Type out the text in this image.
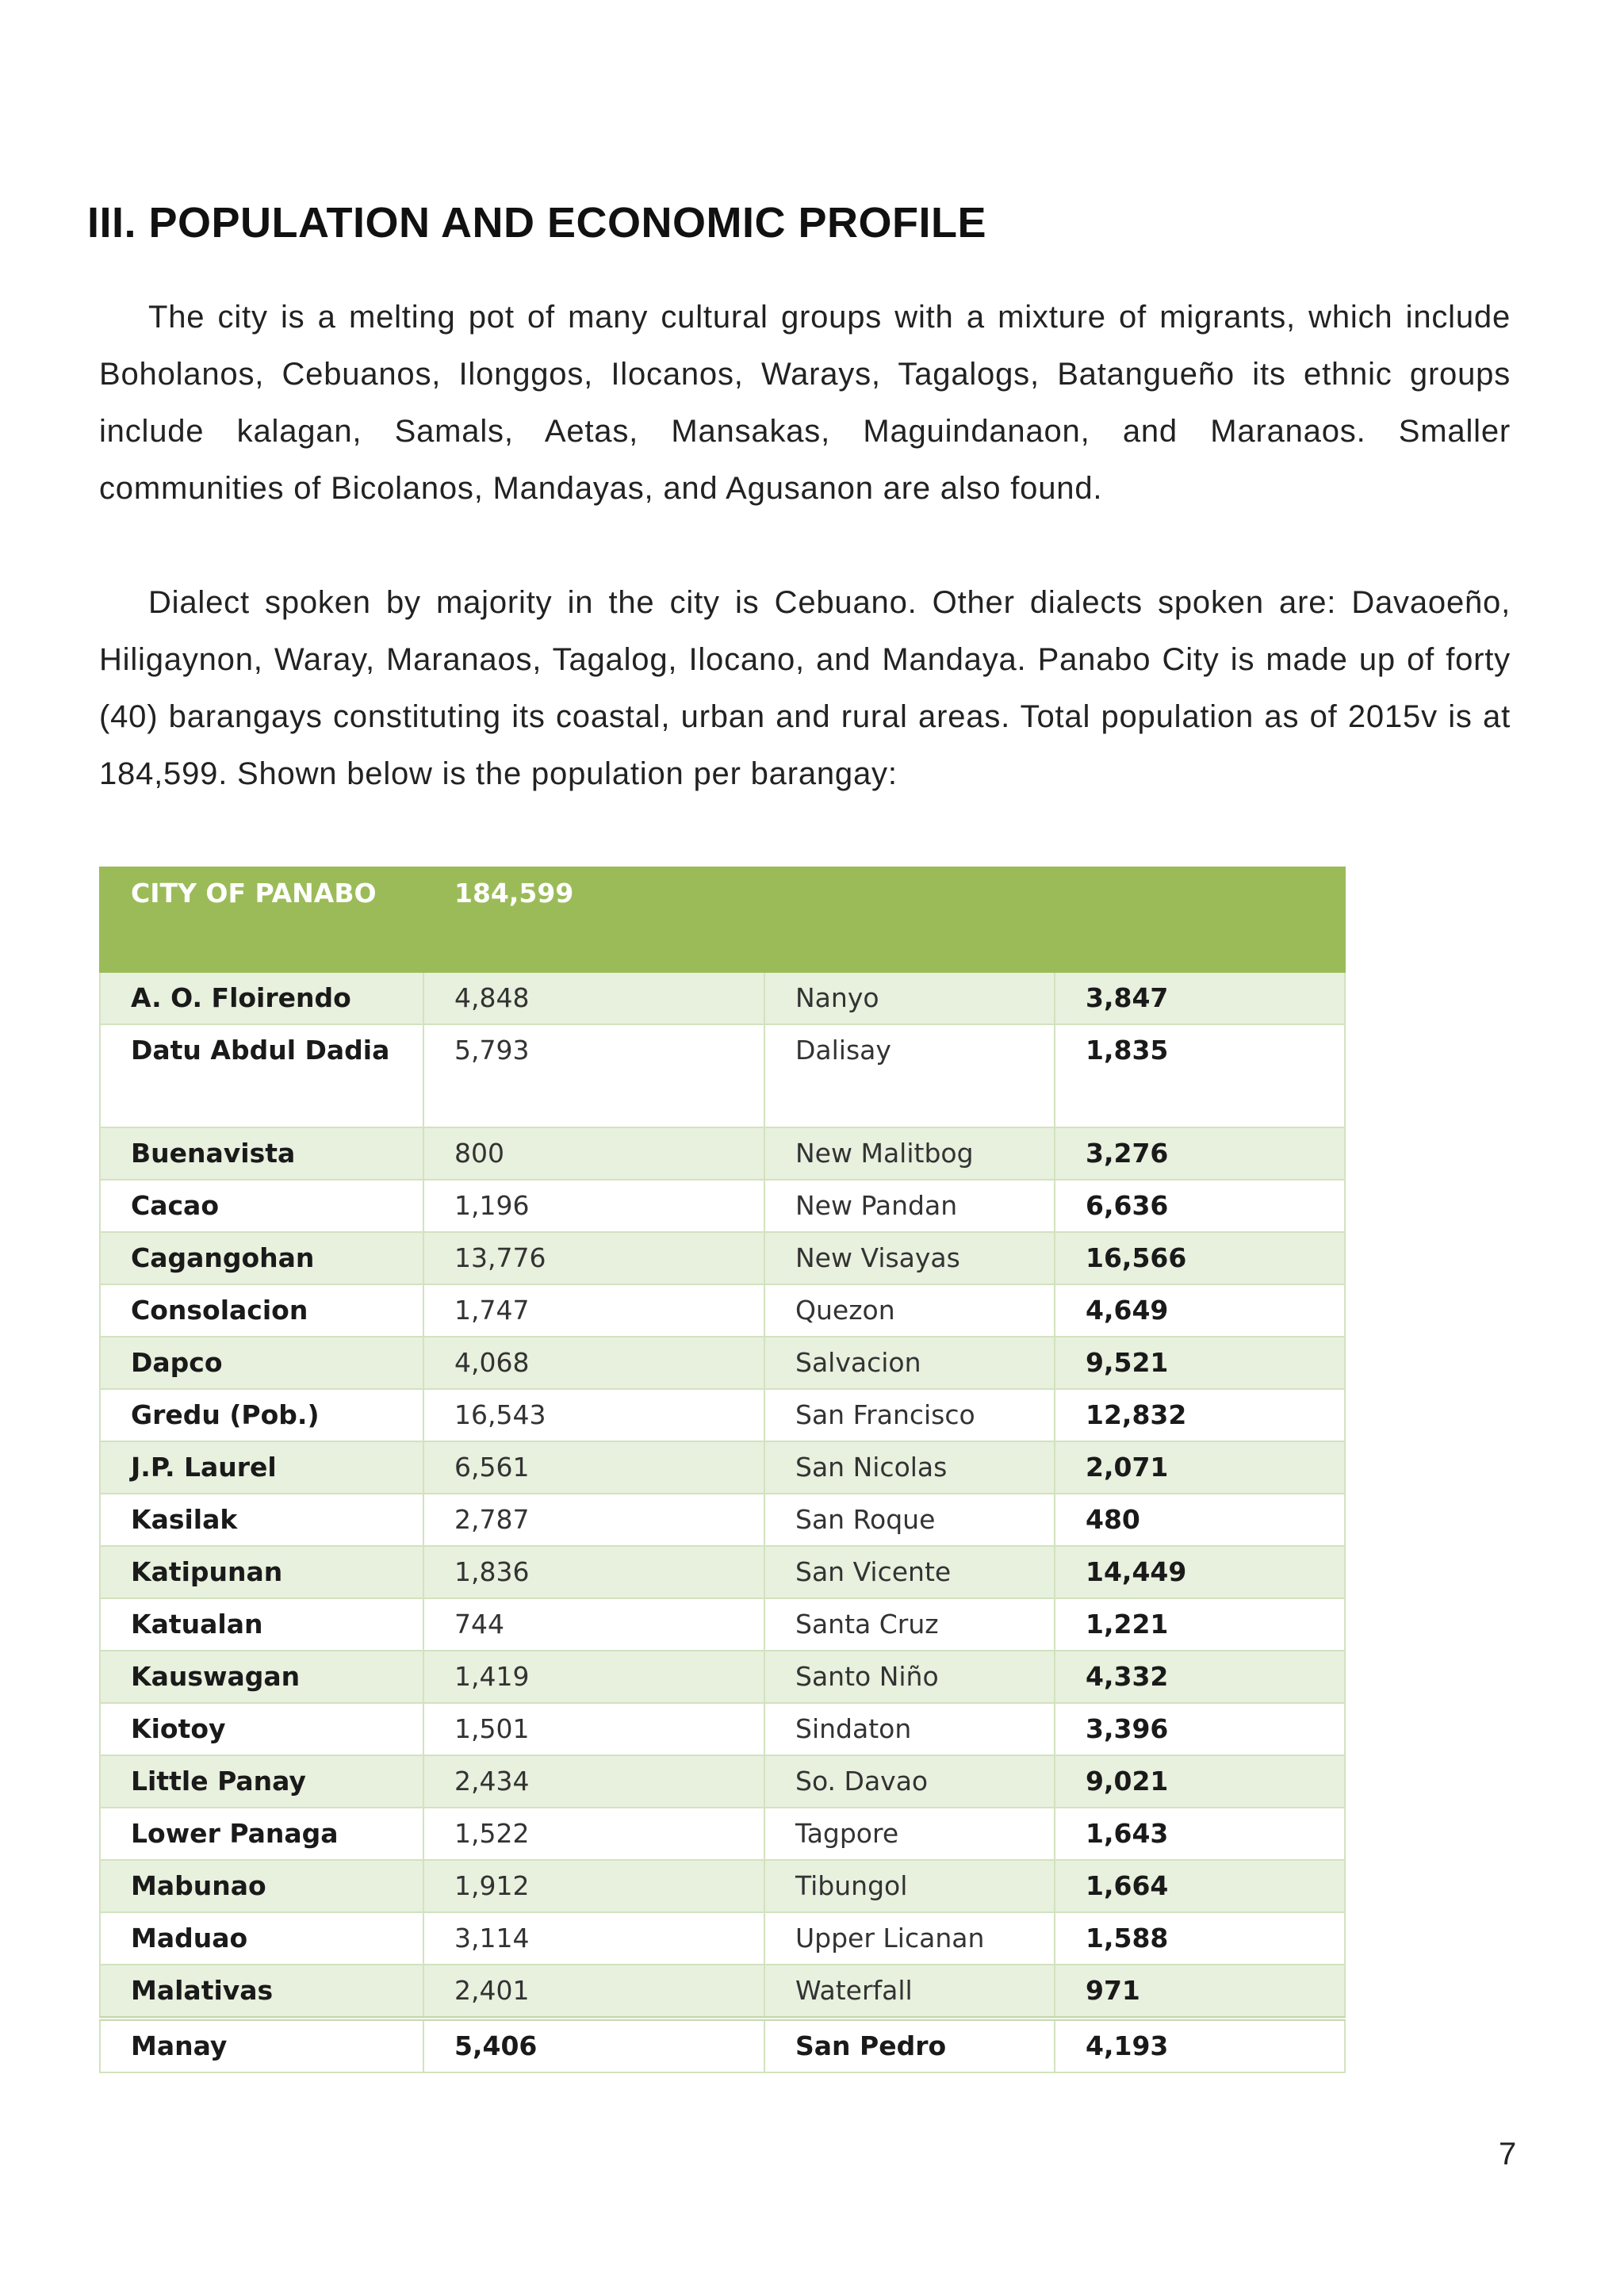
III. POPULATION AND ECONOMIC PROFILE

The city is a melting pot of many cultural groups with a mixture of migrants, which include Boholanos, Cebuanos, Ilonggos, Ilocanos, Warays, Tagalogs, Batangueño its ethnic groups include kalagan, Samals, Aetas, Mansakas, Maguindanaon, and Maranaos. Smaller communities of Bicolanos, Mandayas, and Agusanon are also found.

Dialect spoken by majority in the city is Cebuano. Other dialects spoken are: Davaoeño, Hiligaynon, Waray, Maranaos, Tagalog, Ilocano, and Mandaya. Panabo City is made up of forty (40) barangays constituting its coastal, urban and rural areas. Total population as of 2015v is at 184,599. Shown below is the population per barangay:

CITY OF PANABO	184,599		
A. O. Floirendo	4,848	Nanyo	3,847
Datu Abdul Dadia	5,793	Dalisay	1,835
Buenavista	800	New Malitbog	3,276
Cacao	1,196	New Pandan	6,636
Cagangohan	13,776	New Visayas	16,566
Consolacion	1,747	Quezon	4,649
Dapco	4,068	Salvacion	9,521
Gredu (Pob.)	16,543	San Francisco	12,832
J.P. Laurel	6,561	San Nicolas	2,071
Kasilak	2,787	San Roque	480
Katipunan	1,836	San Vicente	14,449
Katualan	744	Santa Cruz	1,221
Kauswagan	1,419	Santo Niño	4,332
Kiotoy	1,501	Sindaton	3,396
Little Panay	2,434	So. Davao	9,021
Lower Panaga	1,522	Tagpore	1,643
Mabunao	1,912	Tibungol	1,664
Maduao	3,114	Upper Licanan	1,588
Malativas	2,401	Waterfall	971
Manay	5,406	San Pedro	4,193
7
